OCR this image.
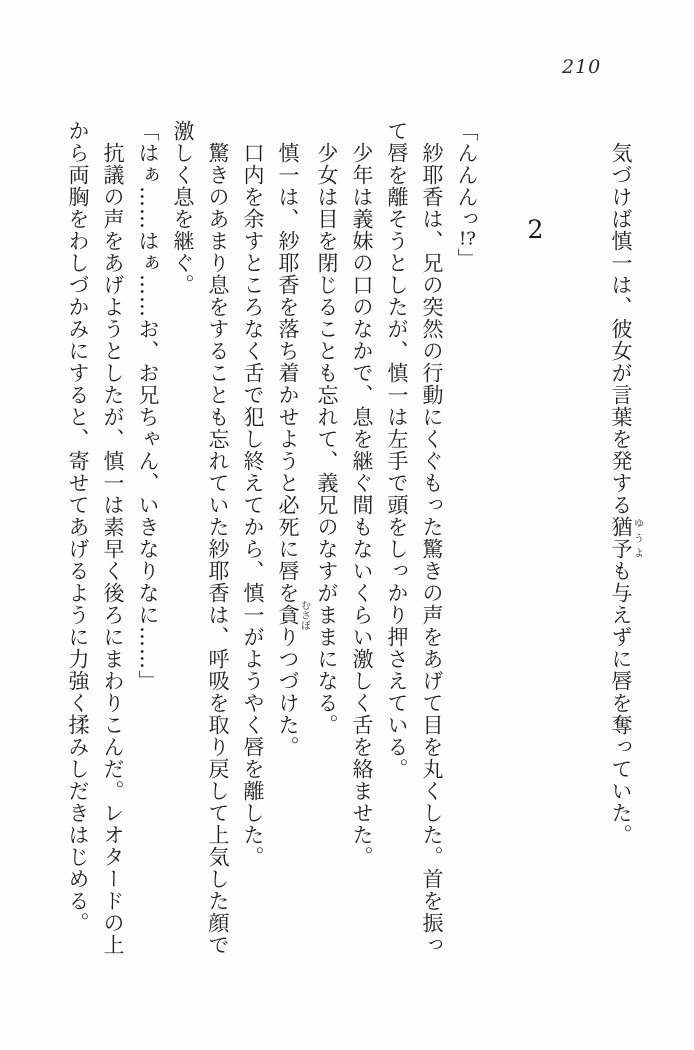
210
気づけば慎一は、彼女が言葉を発する猶予ゆうよも与えずに唇を奪っていた。
2
「んんんっ!?」
紗耶香は、兄の突然の行動にくぐもった驚きの声をあげて目を丸くした。首を振っ
て唇を離そうとしたが、慎一は左手で頭をしっかり押さえている。
少年は義妹の口のなかで、息を継ぐ間もないくらい激しく舌を絡ませた。
少女は目を閉じることも忘れて、義兄のなすがままになる。
慎一は、紗耶香を落ち着かせようと必死に唇を貪むさぼりつづけた。
口内を余すところなく舌で犯し終えてから、慎一がようやく唇を離した。
驚きのあまり息をすることも忘れていた紗耶香は、呼吸を取り戻して上気した顔で
激しく息を継ぐ。
「はぁ……はぁ……お、お兄ちゃん、いきなりなに……」
抗議の声をあげようとしたが、慎一は素早く後ろにまわりこんだ。レオタードの上
から両胸をわしづかみにすると、寄せてあげるように力強く揉みしだきはじめる。
